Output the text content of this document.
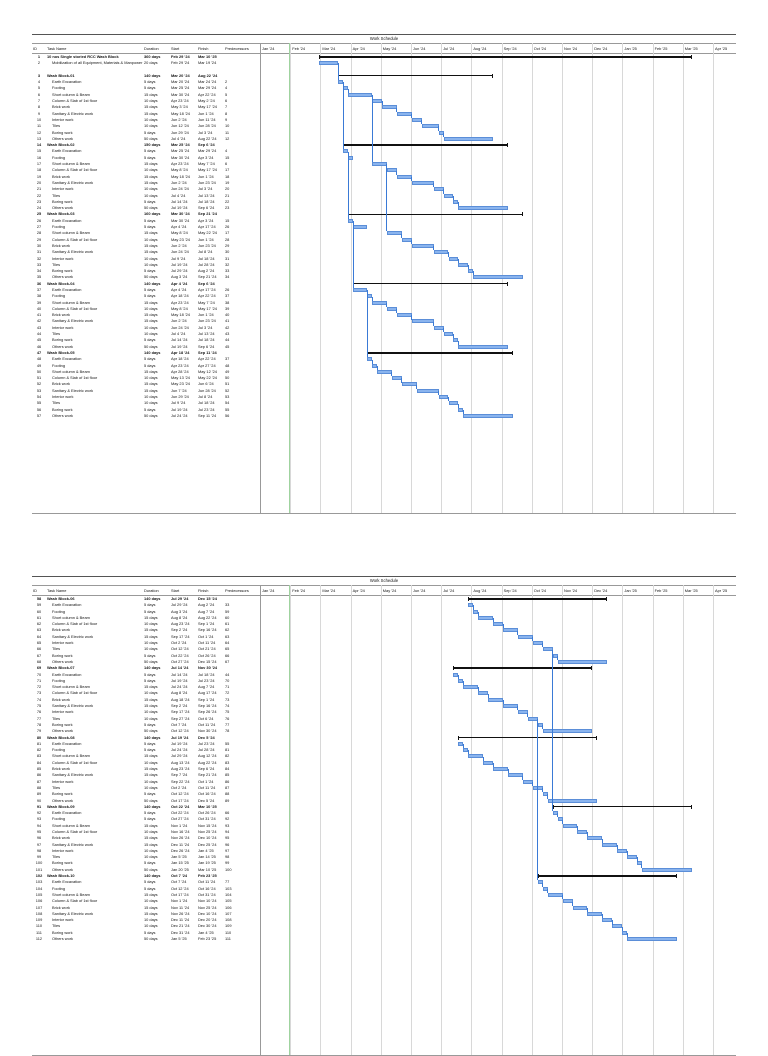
Work Schedule
ID	Task Name	Duration	Start	Finish	Predecessors	Jan '24	Feb '24	Mar '24	Apr '24	May '24	Jun '24	Jul '24	Aug '24	Sep '24	Oct '24	Nov '24	Dec '24	Jan '25	Feb '25	Mar '25	Apr '25
1	10 nos Single storied RCC Wash Block	360 days	Feb 29 '24	Mar 10 '25
2	Mobilization of all Equipment, Materials & Manpower 20 days	Feb 29 '24	Mar 19 '24
3	Wash Block-01	140 days	Mar 20 '24	Aug 22 '24
4	Earth Excavation	5 days	Mar 20 '24	Mar 24 '24	2
5	Footing	5 days	Mar 25 '24	Mar 29 '24	4
6	Short column & Beam	15 days	Mar 30 '24	Apr 22 '24	5
7	Column & Slab of 1st floor	10 days	Apr 23 '24	May 2 '24	6
8	Brick work	15 days	May 3 '24	May 17 '24	7
9	Sanitary & Electric work	15 days	May 18 '24	Jun 1 '24	8
10	Interior work	10 days	Jun 2 '24	Jun 11 '24	9
11	Tiles	10 days	Jun 12 '24	Jun 28 '24	10
12	Boring work	5 days	Jun 29 '24	Jul 3 '24	11
13	Others work	50 days	Jul 4 '24	Aug 22 '24	12
14	Wash Block-02	150 days	Mar 25 '24	Sep 6 '24
15	Earth Excavation	5 days	Mar 25 '24	Mar 29 '24	4
16	Footing	5 days	Mar 30 '24	Apr 3 '24	15
17	Short column & Beam	15 days	Apr 23 '24	May 7 '24	6
18	Column & Slab of 1st floor	10 days	May 8 '24	May 17 '24	17
19	Brick work	15 days	May 18 '24	Jun 1 '24	18
20	Sanitary & Electric work	15 days	Jun 2 '24	Jun 23 '24	19
21	Interior work	10 days	Jun 24 '24	Jul 3 '24	20
22	Tiles	10 days	Jul 4 '24	Jul 13 '24	21
23	Boring work	5 days	Jul 14 '24	Jul 18 '24	22
24	Others work	50 days	Jul 19 '24	Sep 6 '24	23
25	Wash Block-03	160 days	Mar 30 '24	Sep 21 '24
26	Earth Excavation	5 days	Mar 30 '24	Apr 3 '24	15
27	Footing	5 days	Apr 4 '24	Apr 17 '24	26
28	Short column & Beam	15 days	May 8 '24	May 22 '24	17
29	Column & Slab of 1st floor	10 days	May 23 '24	Jun 1 '24	28
30	Brick work	15 days	Jun 2 '24	Jun 23 '24	29
31	Sanitary & Electric work	15 days	Jun 24 '24	Jul 8 '24	30
32	Interior work	10 days	Jul 9 '24	Jul 18 '24	31
33	Tiles	10 days	Jul 19 '24	Jul 28 '24	32
34	Boring work	5 days	Jul 29 '24	Aug 2 '24	33
35	Others work	50 days	Aug 3 '24	Sep 21 '24	34
36	Wash Block-04	140 days	Apr 4 '24	Sep 6 '24
37	Earth Excavation	5 days	Apr 4 '24	Apr 17 '24	26
38	Footing	5 days	Apr 18 '24	Apr 22 '24	37
39	Short column & Beam	15 days	Apr 23 '24	May 7 '24	38
40	Column & Slab of 1st floor	10 days	May 8 '24	May 17 '24	39
41	Brick work	15 days	May 18 '24	Jun 1 '24	40
42	Sanitary & Electric work	15 days	Jun 2 '24	Jun 23 '24	41
43	Interior work	10 days	Jun 24 '24	Jul 3 '24	42
44	Tiles	10 days	Jul 4 '24	Jul 13 '24	43
45	Boring work	5 days	Jul 14 '24	Jul 18 '24	44
46	Others work	50 days	Jul 19 '24	Sep 6 '24	45
47	Wash Block-05	140 days	Apr 18 '24	Sep 11 '24
48	Earth Excavation	5 days	Apr 18 '24	Apr 22 '24	37
49	Footing	5 days	Apr 23 '24	Apr 27 '24	48
50	Short column & Beam	15 days	Apr 28 '24	May 12 '24	49
51	Column & Slab of 1st floor	10 days	May 13 '24	May 22 '24	50
52	Brick work	15 days	May 23 '24	Jun 6 '24	51
53	Sanitary & Electric work	15 days	Jun 7 '24	Jun 28 '24	52
54	Interior work	10 days	Jun 29 '24	Jul 8 '24	53
55	Tiles	10 days	Jul 9 '24	Jul 18 '24	54
56	Boring work	5 days	Jul 19 '24	Jul 23 '24	55
57	Others work	50 days	Jul 24 '24	Sep 11 '24	56
Work Schedule
ID	Task Name	Duration	Start	Finish	Predecessors	Jan '24	Feb '24	Mar '24	Apr '24	May '24	Jun '24	Jul '24	Aug '24	Sep '24	Oct '24	Nov '24	Dec '24	Jan '25	Feb '25	Mar '25	Apr '25
58	Wash Block-06	140 days	Jul 29 '24	Dec 15 '24
59	Earth Excavation	5 days	Jul 29 '24	Aug 2 '24	33
60	Footing	5 days	Aug 3 '24	Aug 7 '24	59
61	Short column & Beam	15 days	Aug 8 '24	Aug 22 '24	60
62	Column & Slab of 1st floor	10 days	Aug 23 '24	Sep 1 '24	61
63	Brick work	15 days	Sep 2 '24	Sep 16 '24	62
64	Sanitary & Electric work	15 days	Sep 17 '24	Oct 1 '24	63
65	Interior work	10 days	Oct 2 '24	Oct 11 '24	64
66	Tiles	10 days	Oct 12 '24	Oct 21 '24	65
67	Boring work	5 days	Oct 22 '24	Oct 26 '24	66
68	Others work	50 days	Oct 27 '24	Dec 15 '24	67
69	Wash Block-07	140 days	Jul 14 '24	Nov 30 '24
70	Earth Excavation	5 days	Jul 14 '24	Jul 18 '24	44
71	Footing	5 days	Jul 19 '24	Jul 23 '24	70
72	Short column & Beam	15 days	Jul 24 '24	Aug 7 '24	71
73	Column & Slab of 1st floor	10 days	Aug 8 '24	Aug 17 '24	72
74	Brick work	15 days	Aug 18 '24	Sep 1 '24	73
75	Sanitary & Electric work	15 days	Sep 2 '24	Sep 16 '24	74
76	Interior work	10 days	Sep 17 '24	Sep 26 '24	75
77	Tiles	10 days	Sep 27 '24	Oct 6 '24	76
78	Boring work	5 days	Oct 7 '24	Oct 11 '24	77
79	Others work	50 days	Oct 12 '24	Nov 30 '24	78
80	Wash Block-08	140 days	Jul 19 '24	Dec 5 '24
81	Earth Excavation	5 days	Jul 19 '24	Jul 23 '24	55
82	Footing	5 days	Jul 24 '24	Jul 28 '24	81
83	Short column & Beam	15 days	Jul 29 '24	Aug 12 '24	82
84	Column & Slab of 1st floor	10 days	Aug 13 '24	Aug 22 '24	83
85	Brick work	15 days	Aug 23 '24	Sep 6 '24	84
86	Sanitary & Electric work	15 days	Sep 7 '24	Sep 21 '24	85
87	Interior work	10 days	Sep 22 '24	Oct 1 '24	86
88	Tiles	10 days	Oct 2 '24	Oct 11 '24	87
89	Boring work	5 days	Oct 12 '24	Oct 16 '24	88
90	Others work	50 days	Oct 17 '24	Dec 5 '24	89
91	Wash Block-09	140 days	Oct 22 '24	Mar 10 '25
92	Earth Excavation	5 days	Oct 22 '24	Oct 26 '24	66
93	Footing	5 days	Oct 27 '24	Oct 31 '24	92
94	Short column & Beam	15 days	Nov 1 '24	Nov 15 '24	93
95	Column & Slab of 1st floor	10 days	Nov 16 '24	Nov 25 '24	94
96	Brick work	15 days	Nov 26 '24	Dec 10 '24	95
97	Sanitary & Electric work	15 days	Dec 11 '24	Dec 25 '24	96
98	Interior work	10 days	Dec 26 '24	Jan 4 '25	97
99	Tiles	10 days	Jan 5 '25	Jan 14 '25	98
100	Boring work	5 days	Jan 15 '25	Jan 19 '25	99
101	Others work	50 days	Jan 20 '25	Mar 10 '25	100
102	Wash Block-10	140 days	Oct 7 '24	Feb 23 '25
103	Earth Excavation	5 days	Oct 7 '24	Oct 11 '24	77
104	Footing	5 days	Oct 12 '24	Oct 16 '24	103
105	Short column & Beam	15 days	Oct 17 '24	Oct 31 '24	104
106	Column & Slab of 1st floor	10 days	Nov 1 '24	Nov 10 '24	105
107	Brick work	15 days	Nov 11 '24	Nov 25 '24	106
108	Sanitary & Electric work	15 days	Nov 26 '24	Dec 10 '24	107
109	Interior work	10 days	Dec 11 '24	Dec 20 '24	108
110	Tiles	10 days	Dec 21 '24	Dec 30 '24	109
111	Boring work	5 days	Dec 31 '24	Jan 4 '25	110
112	Others work	50 days	Jan 5 '25	Feb 23 '25	111
